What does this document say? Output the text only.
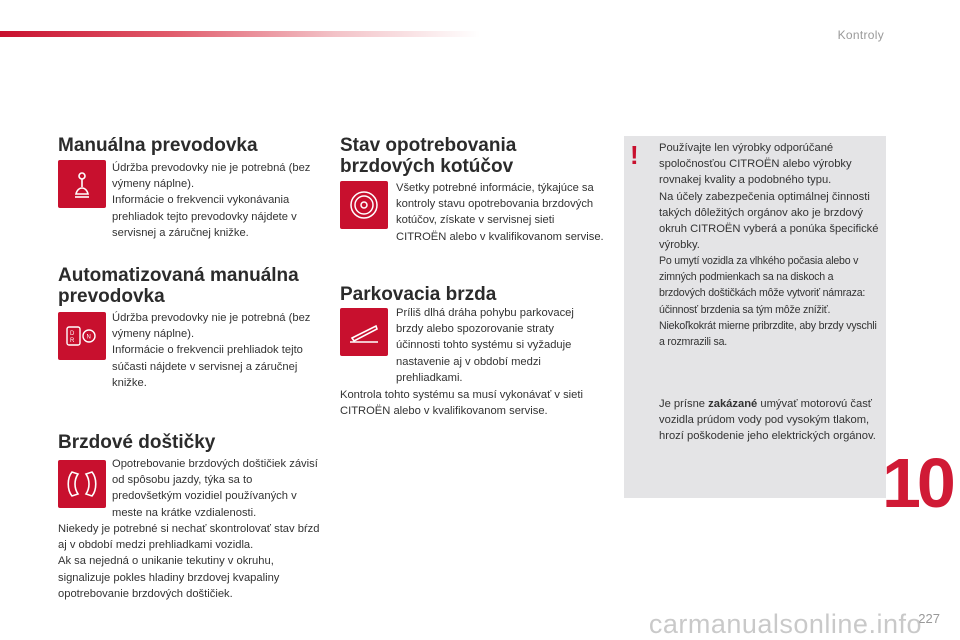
Kontroly
Manuálna prevodovka

Údržba prevodovky nie je potrebná (bez výmeny náplne).
Informácie o frekvencii vykonávania prehliadok tejto prevodovky nájdete v servisnej a záručnej knižke.

Automatizovaná manuálna prevodovka
D
R
N

Údržba prevodovky nie je potrebná (bez výmeny náplne).
Informácie o frekvencii prehliadok tejto súčasti nájdete v servisnej a záručnej knižke.

Brzdové doštičky

Opotrebovanie brzdových doštičiek závisí od spôsobu jazdy, týka sa to predovšetkým vozidiel používaných v meste na krátke vzdialenosti.

Niekedy je potrebné si nechať skontrolovať stav bŕzd aj v období medzi prehliadkami vozidla.
Ak sa nejedná o unikanie tekutiny v okruhu, signalizuje pokles hladiny brzdovej kvapaliny opotrebovanie brzdových doštičiek.

Stav opotrebovania brzdových kotúčov

Všetky potrebné informácie, týkajúce sa kontroly stavu opotrebovania brzdových kotúčov, získate v servisnej sieti CITROËN alebo v kvalifikovanom servise.

Parkovacia brzda

Príliš dlhá dráha pohybu parkovacej brzdy alebo spozorovanie straty účinnosti tohto systému si vyžaduje nastavenie aj v období medzi prehliadkami.

Kontrola tohto systému sa musí vykonávať v sieti CITROËN alebo v kvalifikovanom servise.

!	Používajte len výrobky odporúčané spoločnosťou CITROËN alebo výrobky rovnakej kvality a podobného typu.
Na účely zabezpečenia optimálnej činnosti takých dôležitých orgánov ako je brzdový okruh CITROËN vyberá a ponúka špecifické výrobky.

Po umytí vozidla za vlhkého počasia alebo v zimných podmienkach sa na diskoch a brzdových doštičkách môže vytvoriť námraza: účinnosť brzdenia sa tým môže znížiť. Niekoľkokrát mierne pribrzdite, aby brzdy vyschli a rozmrazili sa.

Je prísne zakázané umývať motorovú časť vozidla prúdom vody pod vysokým tlakom, hrozí poškodenie jeho elektrických orgánov.

10
227
carmanualsonline.info
